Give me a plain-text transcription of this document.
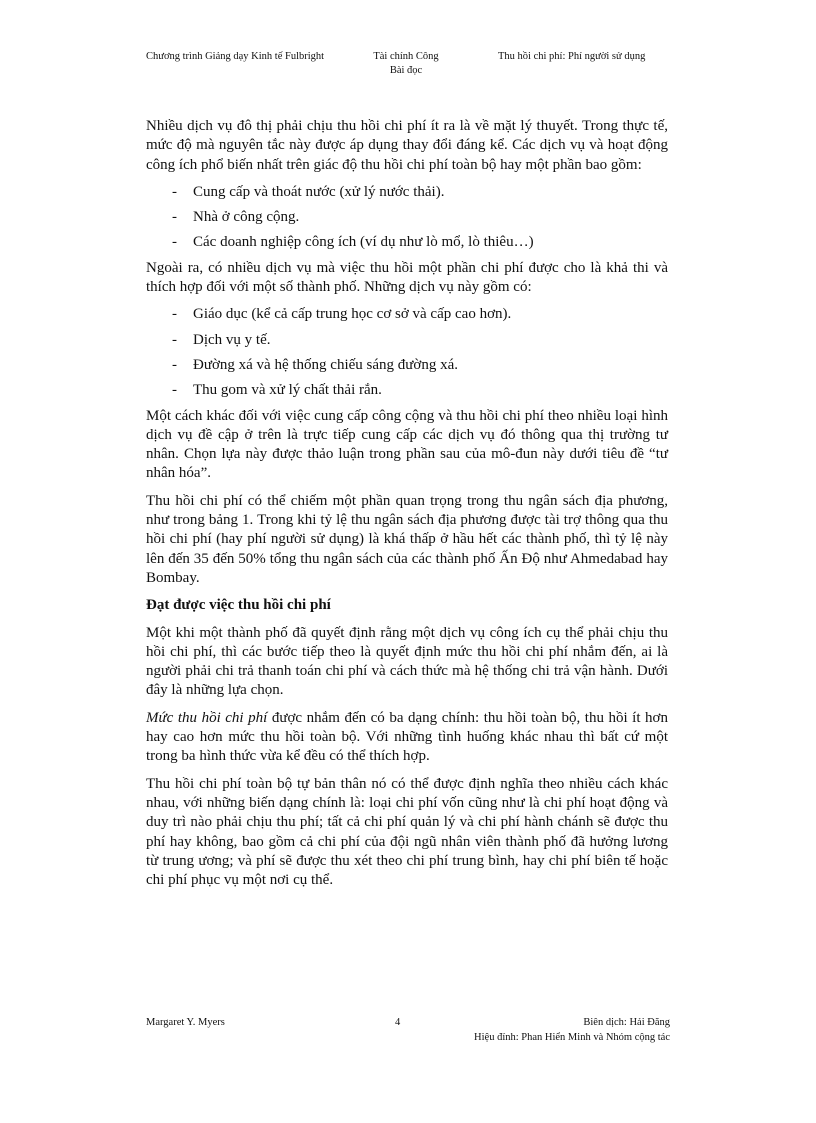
Chương trình Giảng dạy Kinh tế Fulbright	Tài chính Công
Bài đọc
Thu hồi chi phí: Phí người sử dụng

Nhiều dịch vụ đô thị phải chịu thu hồi chi phí ít ra là về mặt lý thuyết. Trong thực tế, mức độ mà nguyên tắc này được áp dụng thay đổi đáng kể. Các dịch vụ và hoạt động công ích phổ biến nhất trên giác độ thu hồi chi phí toàn bộ hay một phần bao gồm:

- Cung cấp và thoát nước (xử lý nước thải).
- Nhà ở công cộng.
- Các doanh nghiệp công ích (ví dụ như lò mổ, lò thiêu…)

Ngoài ra, có nhiều dịch vụ mà việc thu hồi một phần chi phí được cho là khả thi và thích hợp đối với một số thành phố. Những dịch vụ này gồm có:

- Giáo dục (kể cả cấp trung học cơ sở và cấp cao hơn).
- Dịch vụ y tế.
- Đường xá và hệ thống chiếu sáng đường xá.
- Thu gom và xử lý chất thải rắn.

Một cách khác đối với việc cung cấp công cộng và thu hồi chi phí theo nhiều loại hình dịch vụ đề cập ở trên là trực tiếp cung cấp các dịch vụ đó thông qua thị trường tư nhân. Chọn lựa này được thảo luận trong phần sau của mô-đun này dưới tiêu đề “tư nhân hóa”.

Thu hồi chi phí có thể chiếm một phần quan trọng trong thu ngân sách địa phương, như trong bảng 1. Trong khi tỷ lệ thu ngân sách địa phương được tài trợ thông qua thu hồi chi phí (hay phí người sử dụng) là khá thấp ở hầu hết các thành phố, thì tỷ lệ này lên đến 35 đến 50% tổng thu ngân sách của các thành phố Ấn Độ như Ahmedabad hay Bombay.

Đạt được việc thu hồi chi phí

Một khi một thành phố đã quyết định rằng một dịch vụ công ích cụ thể phải chịu thu hồi chi phí, thì các bước tiếp theo là quyết định mức thu hồi chi phí nhắm đến, ai là người phải chi trả thanh toán chi phí và cách thức mà hệ thống chi trả vận hành. Dưới đây là những lựa chọn.

Mức thu hồi chi phí được nhắm đến có ba dạng chính: thu hồi toàn bộ, thu hồi ít hơn hay cao hơn mức thu hồi toàn bộ. Với những tình huống khác nhau thì bất cứ một trong ba hình thức vừa kể đều có thể thích hợp.

Thu hồi chi phí toàn bộ tự bản thân nó có thể được định nghĩa theo nhiều cách khác nhau, với những biến dạng chính là: loại chi phí vốn cũng như là chi phí hoạt động và duy trì nào phải chịu thu phí; tất cả chi phí quản lý và chi phí hành chánh sẽ được thu phí hay không, bao gồm cả chi phí của đội ngũ nhân viên thành phố đã hưởng lương từ trung ương; và phí sẽ được thu xét theo chi phí trung bình, hay chi phí biên tế hoặc chi phí phục vụ một nơi cụ thể.

Margaret Y. Myers	4	Biên dịch: Hải Đăng
Hiệu đính: Phan Hiển Minh và Nhóm cộng tác
